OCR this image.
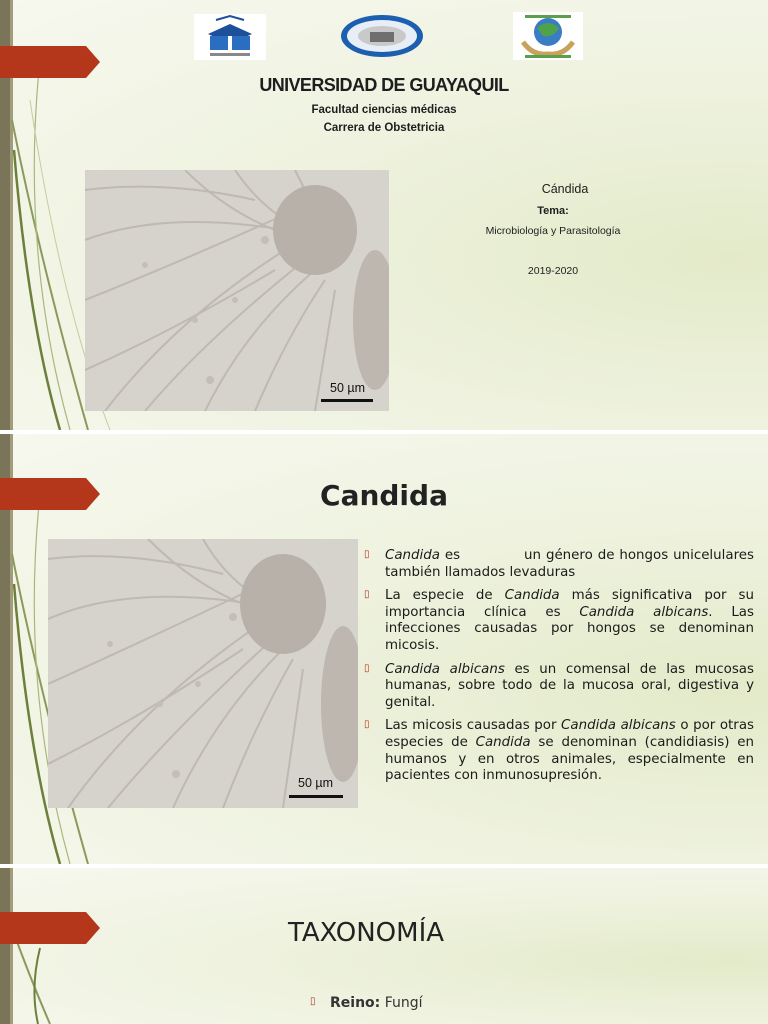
UNIVERSIDAD DE GUAYAQUIL
Facultad ciencias médicas
Carrera de Obstetricia
50 µm
Cándida
Tema:
Microbiología y Parasitología
2019-2020
Candida
50 µm
▯ Candida es             un género de hongos unicelulares también llamados levaduras
▯ La especie de Candida más significativa por su importancia clínica es Candida albicans. Las infecciones causadas por hongos se denominan micosis.
▯ Candida albicans es un comensal de las mucosas humanas, sobre todo de la mucosa oral, digestiva y genital.
▯ Las micosis causadas por Candida albicans o por otras especies de Candida se denominan (candidiasis) en humanos y en otros animales, especialmente en pacientes con inmunosupresión.
TAXONOMÍA
▯ Reino: Fungí
